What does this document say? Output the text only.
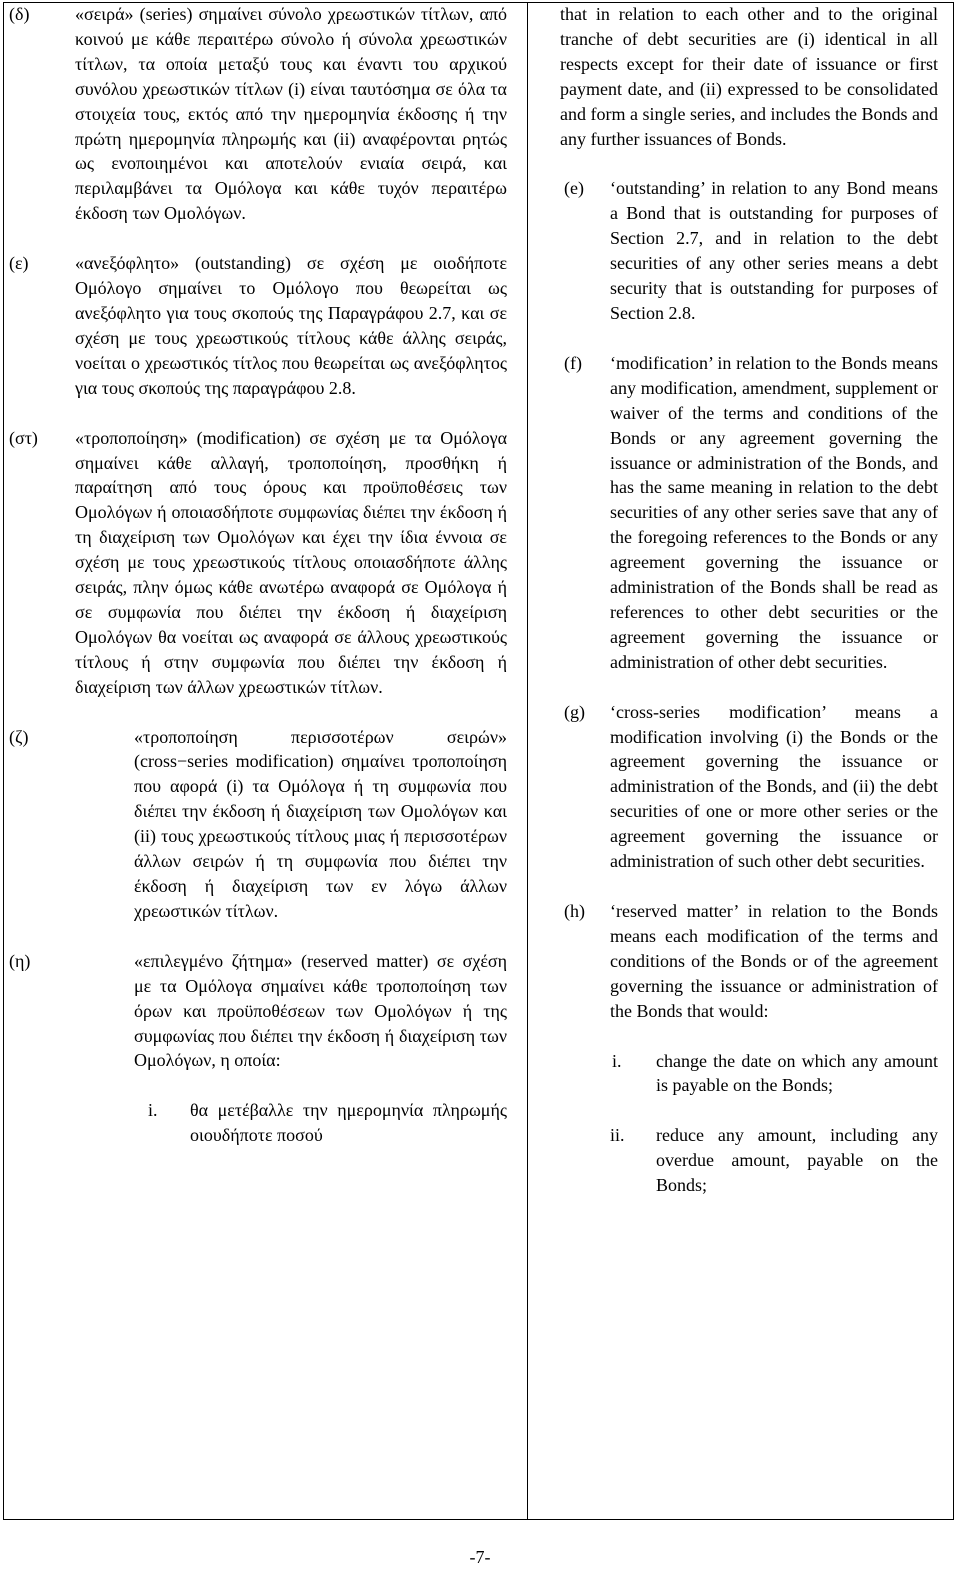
(δ)	«σειρά» (series) σημαίνει σύνολο χρεωστικών τίτλων, από κοινού με κάθε περαιτέρω σύνολο ή σύνολα χρεωστικών τίτλων, τα οποία μεταξύ τους και έναντι του αρχικού συνόλου χρεωστικών τίτλων (i) είναι ταυτόσημα σε όλα τα στοιχεία τους, εκτός από την ημερομηνία έκδοσης ή την πρώτη ημερομηνία πληρωμής και (ii) αναφέρονται ρητώς ως ενοποιημένοι και αποτελούν ενιαία σειρά, και περιλαμβάνει τα Ομόλογα και κάθε τυχόν περαιτέρω έκδοση των Ομολόγων.
(ε)	«ανεξόφλητο» (outstanding) σε σχέση με οιοδήποτε Ομόλογο σημαίνει το Ομόλογο που θεωρείται ως ανεξόφλητο για τους σκοπούς της Παραγράφου 2.7, και σε σχέση με τους χρεωστικούς τίτλους κάθε άλλης σειράς, νοείται ο χρεωστικός τίτλος που θεωρείται ως ανεξόφλητος για τους σκοπούς της παραγράφου 2.8.
(στ) «τροποποίηση» (modification) σε σχέση με τα Ομόλογα σημαίνει κάθε αλλαγή, τροποποίηση, προσθήκη ή παραίτηση από τους όρους και προϋποθέσεις των Ομολόγων ή οποιασδήποτε συμφωνίας διέπει την έκδοση ή τη διαχείριση των Ομολόγων και έχει την ίδια έννοια σε σχέση με τους χρεωστικούς τίτλους οποιασδήποτε άλλης σειράς, πλην όμως κάθε ανωτέρω αναφορά σε Ομόλογα ή σε συμφωνία που διέπει την έκδοση ή διαχείριση Ομολόγων θα νοείται ως αναφορά σε άλλους χρεωστικούς τίτλους ή στην συμφωνία που διέπει την έκδοση ή διαχείριση των άλλων χρεωστικών τίτλων.
(ζ)	«τροποποίηση περισσοτέρων σειρών» (cross−series modification) σημαίνει τροποποίηση που αφορά (i) τα Ομόλογα ή τη συμφωνία που διέπει την έκδοση ή διαχείριση των Ομολόγων και (ii) τους χρεωστικούς τίτλους μιας ή περισσοτέρων άλλων σειρών ή τη συμφωνία που διέπει την έκδοση ή διαχείριση των εν λόγω άλλων χρεωστικών τίτλων.
(η)	«επιλεγμένο ζήτημα» (reserved matter) σε σχέση με τα Ομόλογα σημαίνει κάθε τροποποίηση των όρων και προϋποθέσεων των Ομολόγων ή της συμφωνίας που διέπει την έκδοση ή διαχείριση των Ομολόγων, η οποία:
i. θα μετέβαλλε την ημερομηνία πληρωμής οιουδήποτε ποσού
that in relation to each other and to the original tranche of debt securities are (i) identical in all respects except for their date of issuance or first payment date, and (ii) expressed to be consolidated and form a single series, and includes the Bonds and any further issuances of Bonds.
(e)	‘outstanding’ in relation to any Bond means a Bond that is outstanding for purposes of Section 2.7, and in relation to the debt securities of any other series means a debt security that is outstanding for purposes of Section 2.8.
(f)	‘modification’ in relation to the Bonds means any modification, amendment, supplement or waiver of the terms and conditions of the Bonds or any agreement governing the issuance or administration of the Bonds, and has the same meaning in relation to the debt securities of any other series save that any of the foregoing references to the Bonds or any agreement governing the issuance or administration of the Bonds shall be read as references to other debt securities or the agreement governing the issuance or administration of other debt securities.
(g)	‘cross-series modification’ means a modification involving (i) the Bonds or the agreement governing the issuance or administration of the Bonds, and (ii) the debt securities of one or more other series or the agreement governing the issuance or administration of such other debt securities.
(h)	‘reserved matter’ in relation to the Bonds means each modification of the terms and conditions of the Bonds or of the agreement governing the issuance or administration of the Bonds that would:
i. change the date on which any amount is payable on the Bonds;
ii. reduce any amount, including any overdue amount, payable on the Bonds;
-7-
